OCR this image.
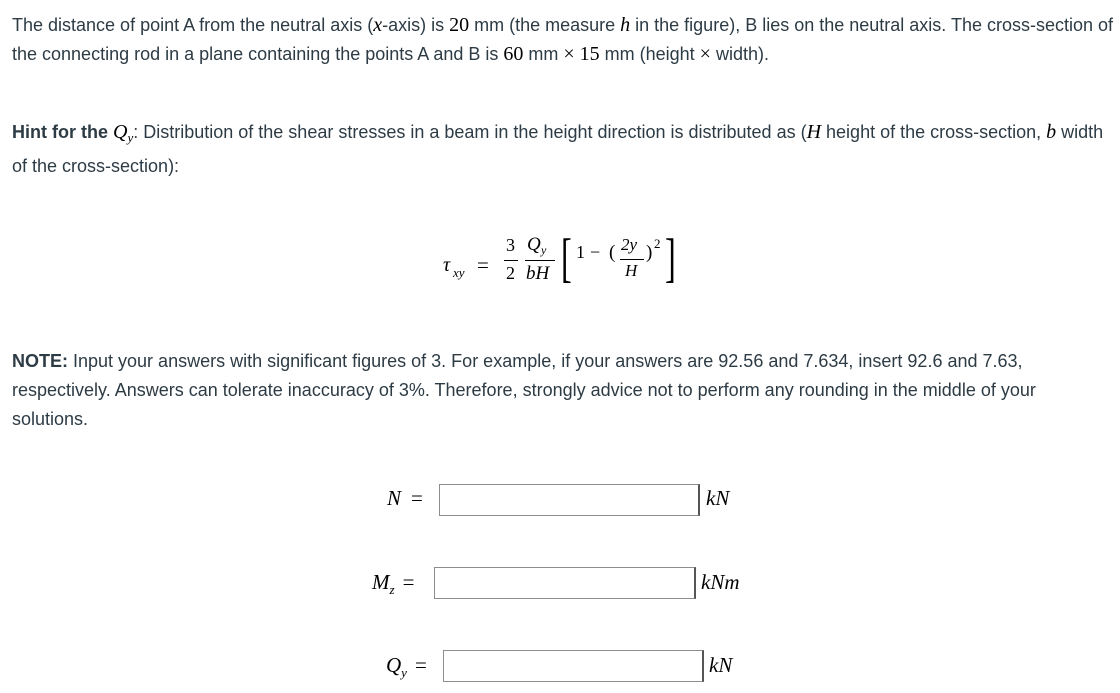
The distance of point A from the neutral axis (x-axis) is 20 mm (the measure h in the figure), B lies on the neutral axis. The cross-section of the connecting rod in a plane containing the points A and B is 60 mm × 15 mm (height × width).
Hint for the $Q_y$: Distribution of the shear stresses in a beam in the height direction is distributed as (H height of the cross-section, b width of the cross-section):
τ xy =
3
2
Q y
bH [ 1 − ( 2y
H
) 2 ]
NOTE: Input your answers with significant figures of 3. For example, if your answers are 92.56 and 7.634, insert 92.6 and 7.63, respectively. Answers can tolerate inaccuracy of 3%. Therefore, strongly advice not to perform any rounding in the middle of your solutions.
N =	kN
$M_z$ =	kNm
$Q_y$ =	kN
